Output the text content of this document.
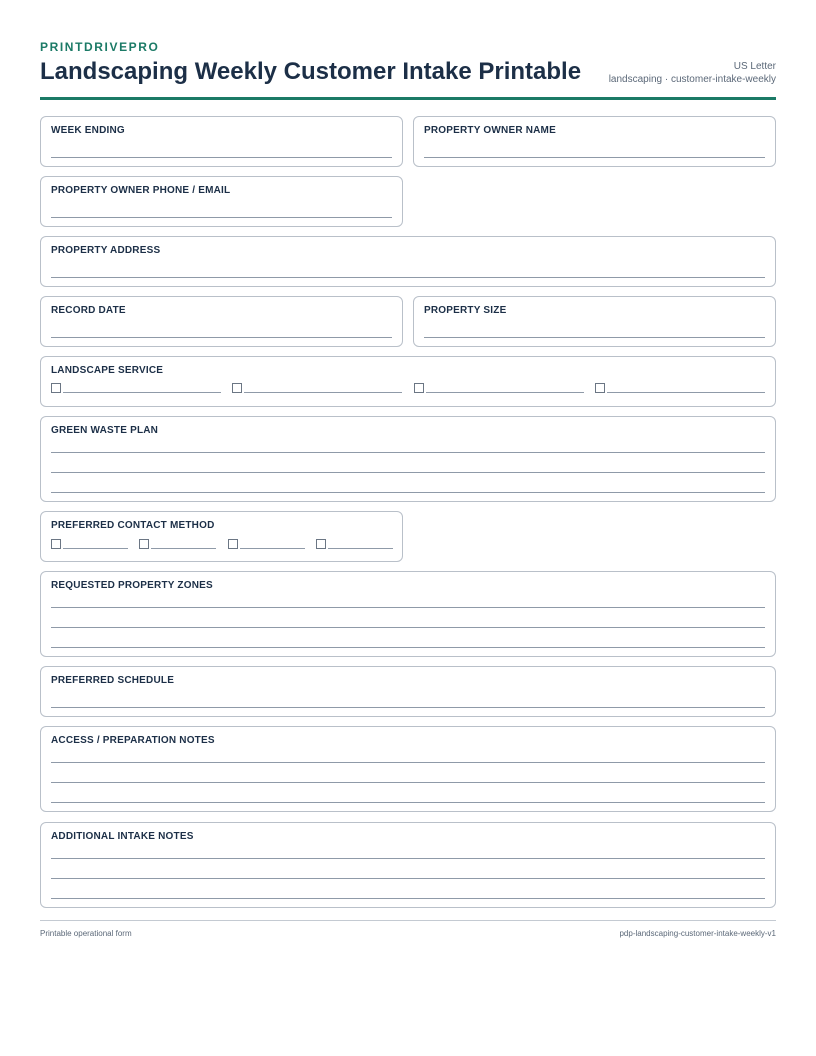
PRINTDRIVEPRO
Landscaping Weekly Customer Intake Printable	US Letter
landscaping · customer-intake-weekly
WEEK ENDING	PROPERTY OWNER NAME
PROPERTY OWNER PHONE / EMAIL
PROPERTY ADDRESS
RECORD DATE	PROPERTY SIZE
LANDSCAPE SERVICE
GREEN WASTE PLAN
PREFERRED CONTACT METHOD
REQUESTED PROPERTY ZONES
PREFERRED SCHEDULE
ACCESS / PREPARATION NOTES
ADDITIONAL INTAKE NOTES
Printable operational form	pdp-landscaping-customer-intake-weekly-v1
